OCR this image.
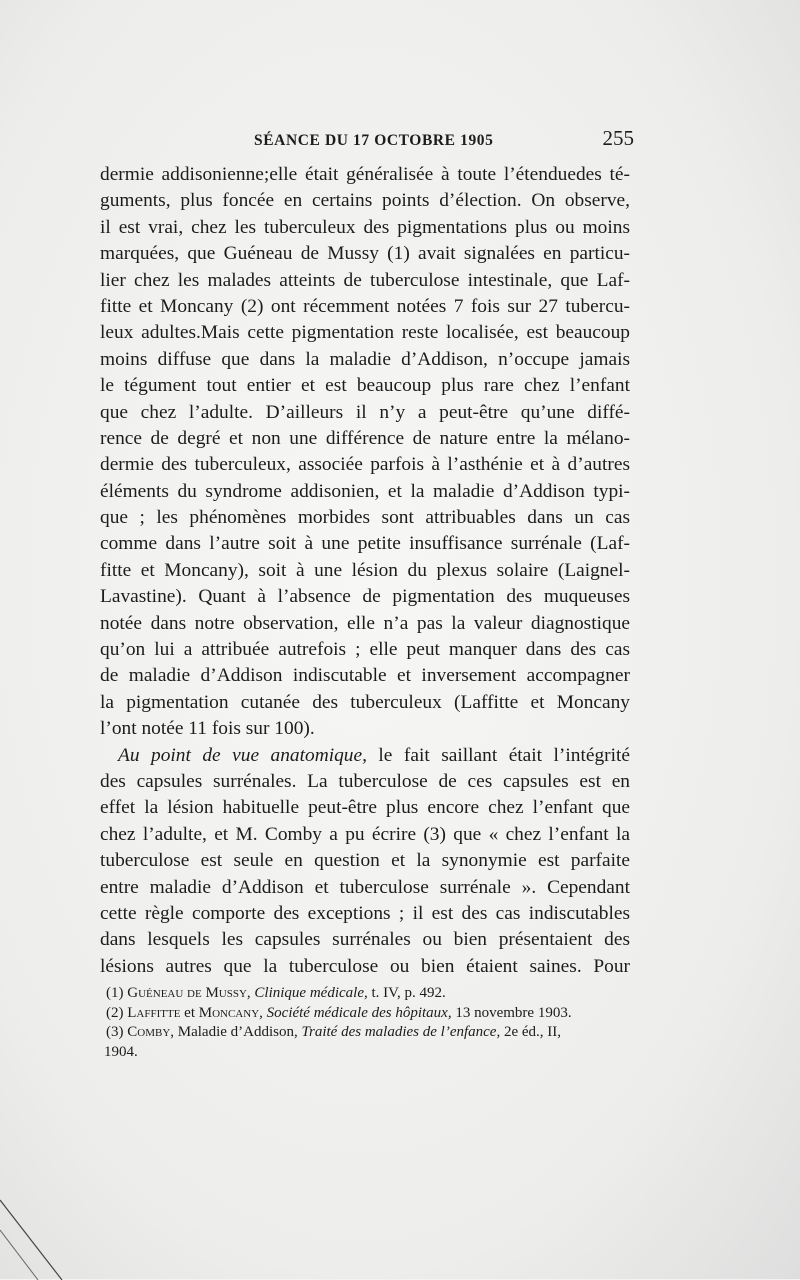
SÉANCE DU 17 OCTOBRE 1905	255
dermie addisonienne;elle était généralisée à toute l’étenduedes té-
guments, plus foncée en certains points d’élection. On observe,
il est vrai, chez les tuberculeux des pigmentations plus ou moins
marquées, que Guéneau de Mussy (1) avait signalées en particu-
lier chez les malades atteints de tuberculose intestinale, que Laf-
fitte et Moncany (2) ont récemment notées 7 fois sur 27 tubercu-
leux adultes.Mais cette pigmentation reste localisée, est beaucoup
moins diffuse que dans la maladie d’Addison, n’occupe jamais
le tégument tout entier et est beaucoup plus rare chez l’enfant
que chez l’adulte. D’ailleurs il n’y a peut-être qu’une diffé-
rence de degré et non une différence de nature entre la mélano-
dermie des tuberculeux, associée parfois à l’asthénie et à d’autres
éléments du syndrome addisonien, et la maladie d’Addison typi-
que ; les phénomènes morbides sont attribuables dans un cas
comme dans l’autre soit à une petite insuffisance surrénale (Laf-
fitte et Moncany), soit à une lésion du plexus solaire (Laignel-
Lavastine). Quant à l’absence de pigmentation des muqueuses
notée dans notre observation, elle n’a pas la valeur diagnostique
qu’on lui a attribuée autrefois ; elle peut manquer dans des cas
de maladie d’Addison indiscutable et inversement accompagner
la pigmentation cutanée des tuberculeux (Laffitte et Moncany
l’ont notée 11 fois sur 100).
Au point de vue anatomique, le fait saillant était l’intégrité
des capsules surrénales. La tuberculose de ces capsules est en
effet la lésion habituelle peut-être plus encore chez l’enfant que
chez l’adulte, et M. Comby a pu écrire (3) que « chez l’enfant la
tuberculose est seule en question et la synonymie est parfaite
entre maladie d’Addison et tuberculose surrénale ». Cependant
cette règle comporte des exceptions ; il est des cas indiscutables
dans lesquels les capsules surrénales ou bien présentaient des
lésions autres que la tuberculose ou bien étaient saines. Pour
(1) Guéneau de Mussy, Clinique médicale, t. IV, p. 492.
(2) Laffitte et Moncany, Société médicale des hôpitaux, 13 novembre 1903.
(3) Comby, Maladie d’Addison, Traité des maladies de l’enfance, 2e éd., II,
1904.
